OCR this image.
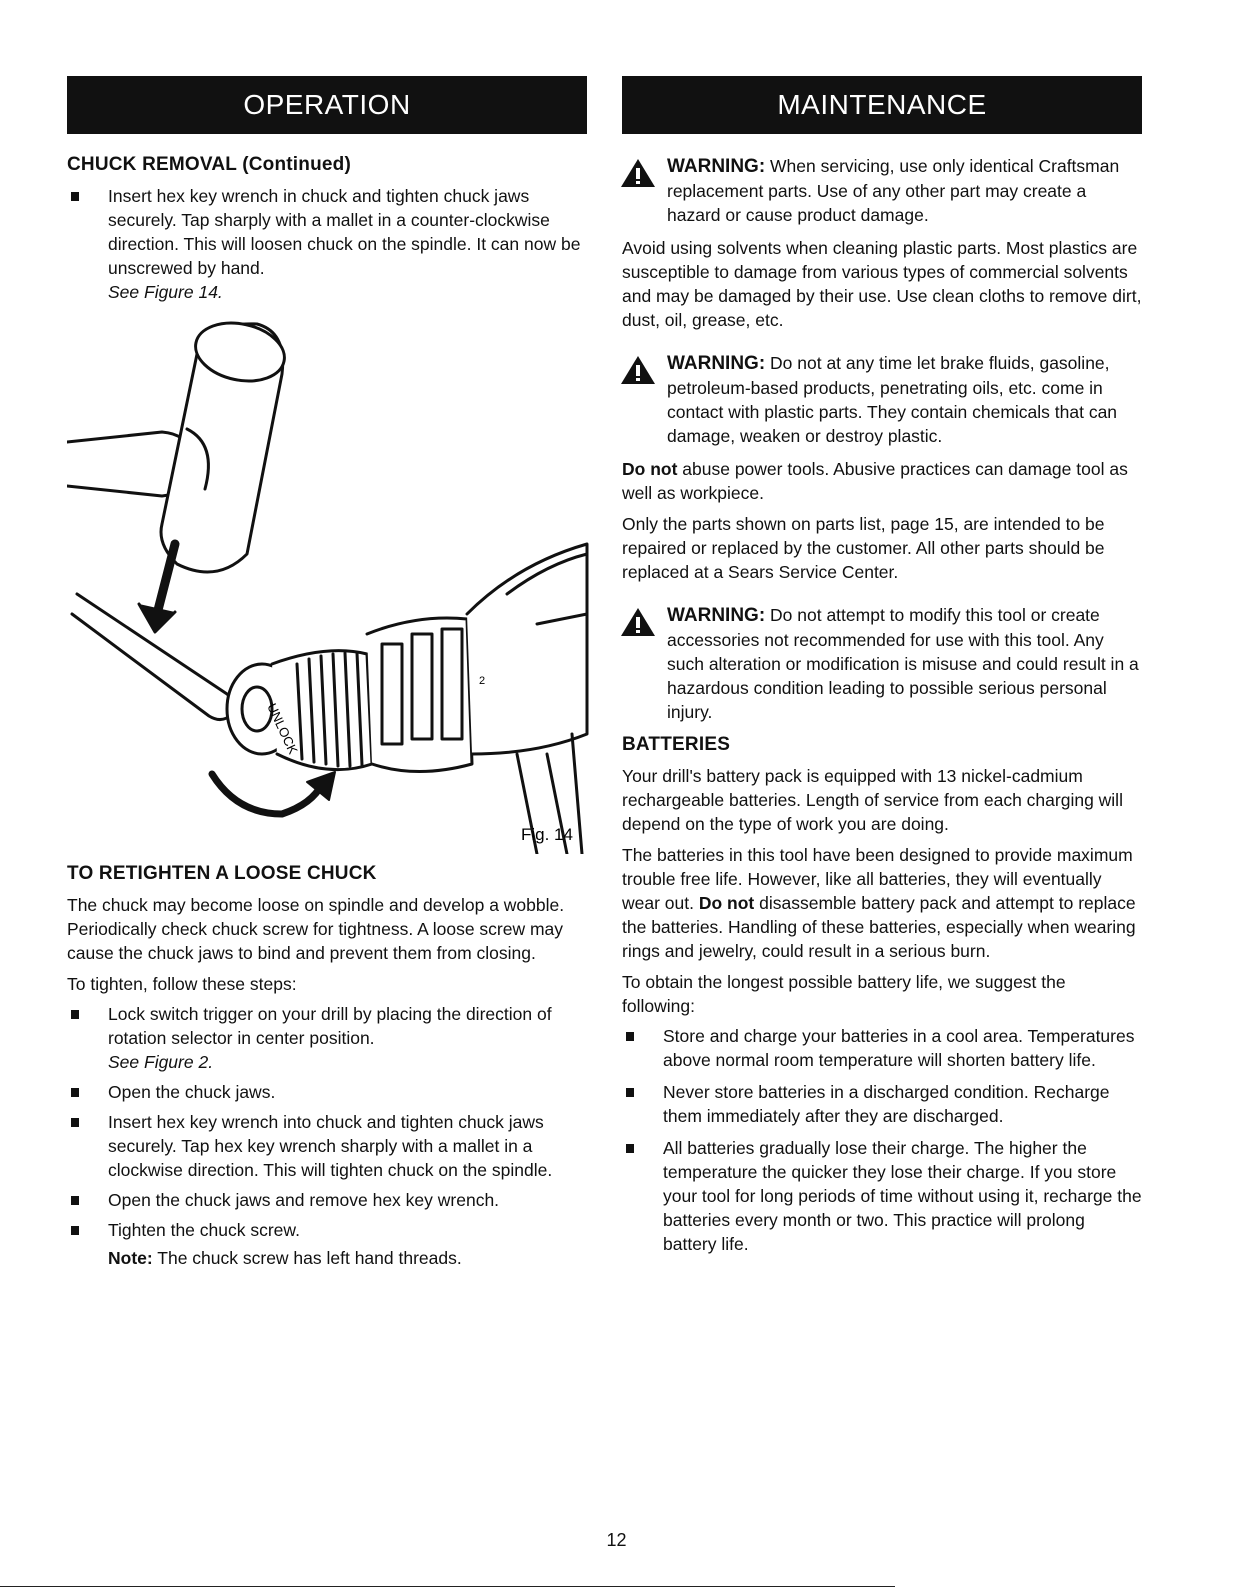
OPERATION
CHUCK REMOVAL (Continued)
Insert hex key wrench in chuck and tighten chuck jaws securely. Tap sharply with a mallet in a counter-clockwise direction. This will loosen chuck on the spindle. It can now be unscrewed by hand.
See Figure 14.
UNLOCK
2
Fig. 14
TO RETIGHTEN A LOOSE CHUCK

The chuck may become loose on spindle and develop a wobble. Periodically check chuck screw for tightness. A loose screw may cause the chuck jaws to bind and prevent them from closing.

To tighten, follow these steps:

Lock switch trigger on your drill by placing the direction of rotation selector in center position.
See Figure 2.
Open the chuck jaws.
Insert hex key wrench into chuck and tighten chuck jaws securely. Tap hex key wrench sharply with a mallet in a clockwise direction. This will tighten chuck on the spindle.
Open the chuck jaws and remove hex key wrench.
Tighten the chuck screw.
Note: The chuck screw has left hand threads.
MAINTENANCE
WARNING: When servicing, use only identical Craftsman replacement parts. Use of any other part may create a hazard or cause product damage.

Avoid using solvents when cleaning plastic parts. Most plastics are susceptible to damage from various types of commercial solvents and may be damaged by their use. Use clean cloths to remove dirt, dust, oil, grease, etc.

WARNING: Do not at any time let brake fluids, gasoline, petroleum-based products, penetrating oils, etc. come in contact with plastic parts. They contain chemicals that can damage, weaken or destroy plastic.

Do not abuse power tools. Abusive practices can damage tool as well as workpiece.

Only the parts shown on parts list, page 15, are intended to be repaired or replaced by the customer. All other parts should be replaced at a Sears Service Center.

WARNING: Do not attempt to modify this tool or create accessories not recommended for use with this tool. Any such alteration or modification is misuse and could result in a hazardous condition leading to possible serious personal injury.
BATTERIES

Your drill's battery pack is equipped with 13 nickel-cadmium rechargeable batteries. Length of service from each charging will depend on the type of work you are doing.

The batteries in this tool have been designed to provide maximum trouble free life. However, like all batteries, they will eventually wear out. Do not disassemble battery pack and attempt to replace the batteries. Handling of these batteries, especially when wearing rings and jewelry, could result in a serious burn.

To obtain the longest possible battery life, we suggest the following:

Store and charge your batteries in a cool area. Temperatures above normal room temperature will shorten battery life.
Never store batteries in a discharged condition. Recharge them immediately after they are discharged.
All batteries gradually lose their charge. The higher the temperature the quicker they lose their charge. If you store your tool for long periods of time without using it, recharge the batteries every month or two. This practice will prolong battery life.
12
